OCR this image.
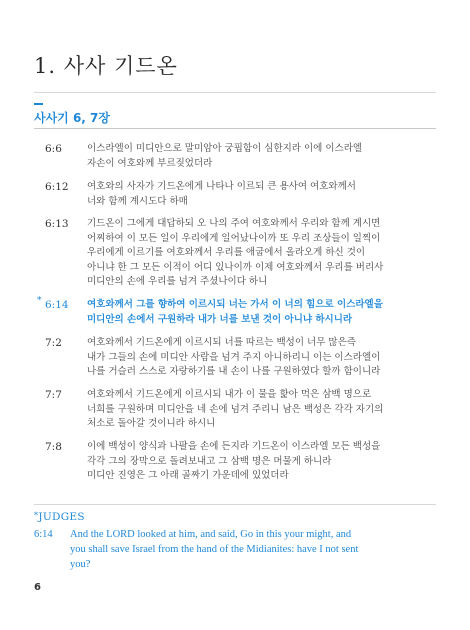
1. 사사 기드온
사사기 6, 7장
6:6	이스라엘이 미디안으로 말미암아 궁핍함이 심한지라 이에 이스라엘
자손이 여호와께 부르짖었더라
6:12 여호와의 사자가 기드온에게 나타나 이르되 큰 용사여 여호와께서
너와 함께 계시도다 하매
6:13 기드온이 그에게 대답하되 오 나의 주여 여호와께서 우리와 함께 계시면
어찌하여 이 모든 일이 우리에게 일어났나이까 또 우리 조상들이 일찍이
우리에게 이르기를 여호와께서 우리를 애굽에서 올라오게 하신 것이
아니냐 한 그 모든 이적이 어디 있나이까 이제 여호와께서 우리를 버리사
미디안의 손에 우리를 넘겨 주셨나이다 하니
* 6:14 여호와께서 그를 향하여 이르시되 너는 가서 이 너의 힘으로 이스라엘을
미디안의 손에서 구원하라 내가 너를 보낸 것이 아니냐 하시니라
7:2	여호와께서 기드온에게 이르시되 너를 따르는 백성이 너무 많은즉
내가 그들의 손에 미디안 사람을 넘겨 주지 아니하리니 이는 이스라엘이
나를 거슬러 스스로 자랑하기를 내 손이 나를 구원하였다 할까 함이니라
7:7	여호와께서 기드온에게 이르시되 내가 이 물을 핥아 먹은 삼백 명으로
너희를 구원하며 미디안을 네 손에 넘겨 주리니 남은 백성은 각각 자기의
처소로 돌아갈 것이니라 하시니
7:8	이에 백성이 양식과 나팔을 손에 든지라 기드온이 이스라엘 모든 백성을
각각 그의 장막으로 돌려보내고 그 삼백 명은 머물게 하니라
미디안 진영은 그 아래 골짜기 가운데에 있었더라
*JUDGES
6:14 And the LORD looked at him, and said, Go in this your might, and
you shall save Israel from the hand of the Midianites: have I not sent
you?
6
